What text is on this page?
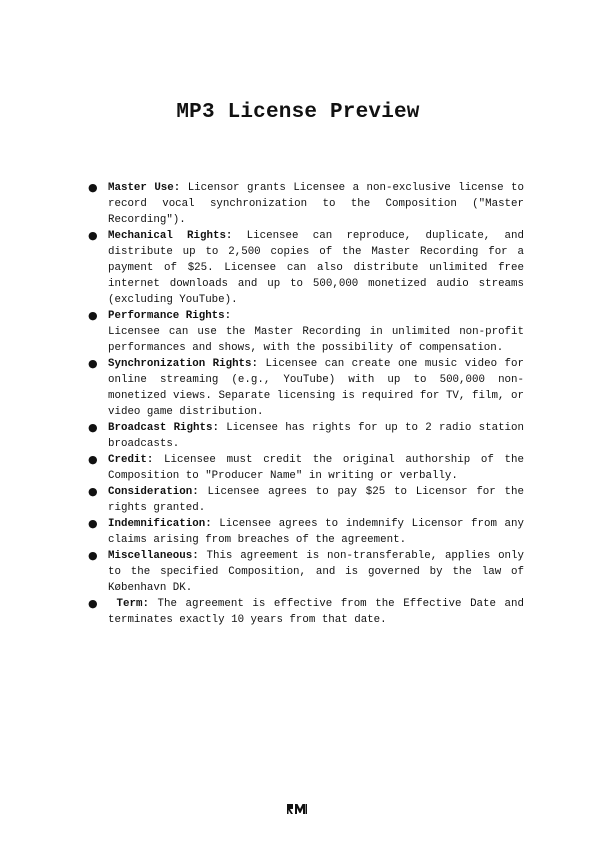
MP3 License Preview
● Master Use: Licensor grants Licensee a non-exclusive license to record vocal synchronization to the Composition ("Master Recording").
● Mechanical Rights: Licensee can reproduce, duplicate, and distribute up to 2,500 copies of the Master Recording for a payment of $25. Licensee can also distribute unlimited free internet downloads and up to 500,000 monetized audio streams (excluding YouTube).
● Performance Rights:
Licensee can use the Master Recording in unlimited non-profit performances and shows, with the possibility of compensation.
● Synchronization Rights: Licensee can create one music video for online streaming (e.g., YouTube) with up to 500,000 non-monetized views. Separate licensing is required for TV, film, or video game distribution.
● Broadcast Rights: Licensee has rights for up to 2 radio station broadcasts.
● Credit: Licensee must credit the original authorship of the Composition to "Producer Name" in writing or verbally.
● Consideration: Licensee agrees to pay $25 to Licensor for the rights granted.
● Indemnification: Licensee agrees to indemnify Licensor from any claims arising from breaches of the agreement.
● Miscellaneous: This agreement is non-transferable, applies only to the specified Composition, and is governed by the law of København DK.
● Term: The agreement is effective from the Effective Date and terminates exactly 10 years from that date.
